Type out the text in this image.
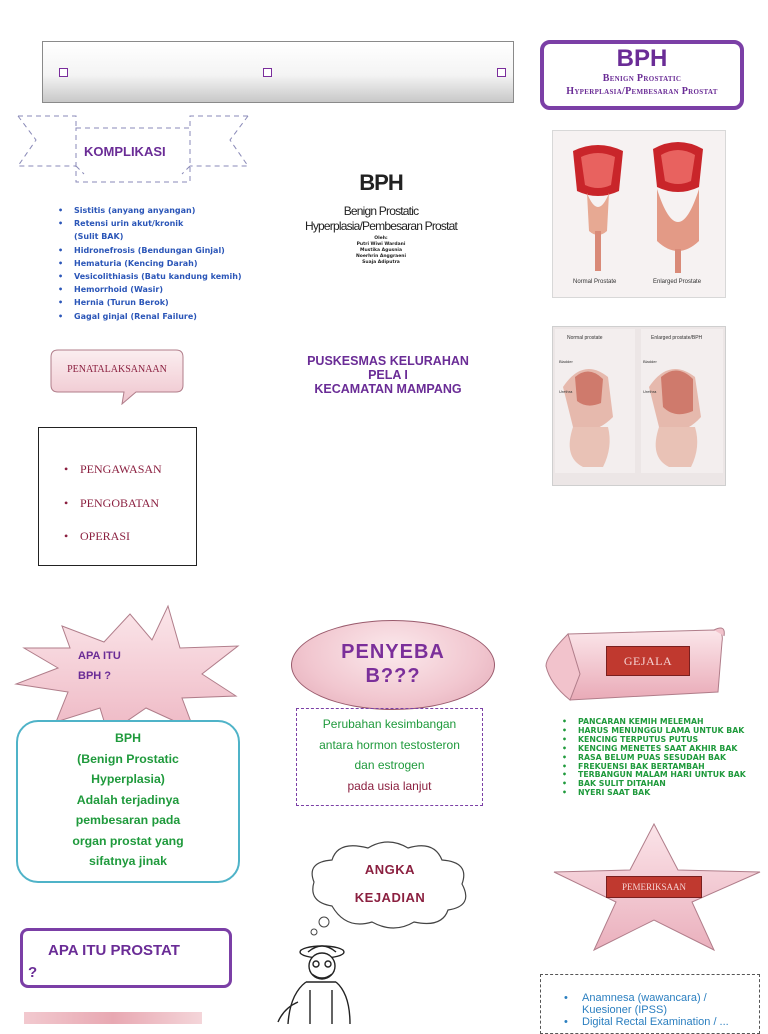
BPH
Benign Prostatic
Hyperplasia/Pembesaran Prostat
KOMPLIKASI
• Sistitis (anyang anyangan)
• Retensi urin akut/kronik
(Sulit BAK)
• Hidronefrosis (Bendungan Ginjal)
• Hematuria (Kencing Darah)
• Vesicolithiasis (Batu kandung kemih)
• Hemorrhoid (Wasir)
• Hernia (Turun Berok)
• Gagal ginjal (Renal Failure)
BPH
Benign Prostatic
Hyperplasia/Pembesaran Prostat
Oleh:
Putri Wiwi Wardani
Mustika Agusnia
Noerhrin Anggraeni
Suaja Adiputra
PUSKESMAS KELURAHAN
PELA I
KECAMATAN MAMPANG
Normal Prostate	Enlarged Prostate
Normal prostate	Enlarged prostate/BPH
Bladder
Urethra
Bladder
Urethra
PENATALAKSANAAN
• PENGAWASAN
• PENGOBATAN
• OPERASI
APA ITU
BPH ?
BPH
(Benign Prostatic
Hyperplasia)
Adalah terjadinya
pembesaran pada
organ prostat yang
sifatnya jinak
PENYEBA
B???
Perubahan kesimbangan
antara hormon testosteron
dan estrogen
pada usia lanjut
ANGKA
KEJADIAN
GEJALA
• PANCARAN KEMIH MELEMAH
• HARUS MENUNGGU LAMA UNTUK BAK
• KENCING TERPUTUS PUTUS
• KENCING MENETES SAAT AKHIR BAK
• RASA BELUM PUAS SESUDAH BAK
• FREKUENSI BAK BERTAMBAH
• TERBANGUN MALAM HARI UNTUK BAK
• BAK SULIT DITAHAN
• NYERI SAAT BAK
PEMERIKSAAN
APA ITU PROSTAT
?
• Anamnesa (wawancara) / Kuesioner (IPSS)
• Digital Rectal Examination / ...
